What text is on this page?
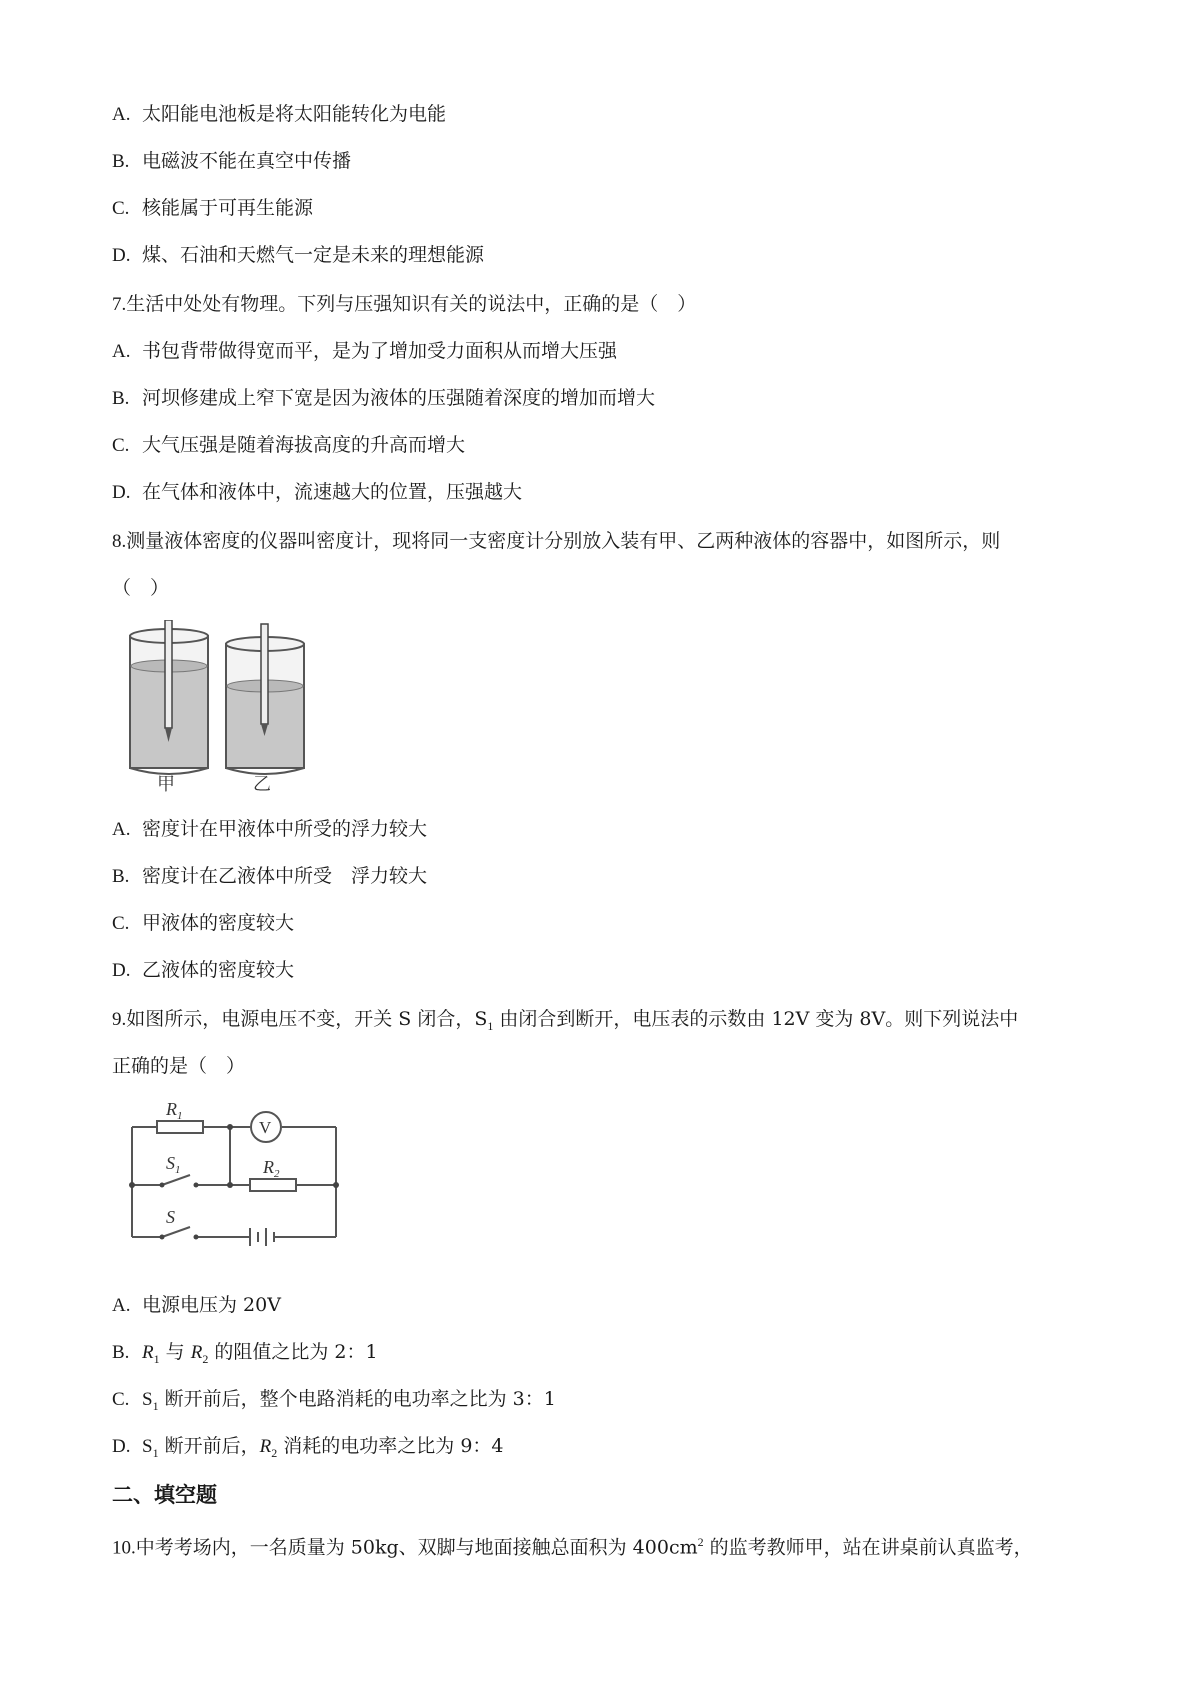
A. 太阳能电池板是将太阳能转化为电能
B. 电磁波不能在真空中传播
C. 核能属于可再生能源
D. 煤、石油和天燃气一定是未来的理想能源
7.生活中处处有物理。下列与压强知识有关的说法中，正确的是（　）
A. 书包背带做得宽而平，是为了增加受力面积从而增大压强
B. 河坝修建成上窄下宽是因为液体的压强随着深度的增加而增大
C. 大气压强是随着海拔高度的升高而增大
D. 在气体和液体中，流速越大的位置，压强越大
8.测量液体密度的仪器叫密度计，现将同一支密度计分别放入装有甲、乙两种液体的容器中，如图所示，则
（　）
甲	乙
A. 密度计在甲液体中所受的浮力较大
B. 密度计在乙液体中所受　浮力较大
C. 甲液体的密度较大
D. 乙液体的密度较大
9.如图所示，电源电压不变，开关 S 闭合，$S_1$ 由闭合到断开，电压表的示数由 12V 变为 8V。则下列说法中
正确的是（　）
V
$R_1$
$R_2$
$S_1$
S
A. 电源电压为 20V
B. $R_1$ 与 $R_2$ 的阻值之比为 2：1
C. $S_1$ 断开前后，整个电路消耗的电功率之比为 3：1
D. $S_1$ 断开前后，$R_2$ 消耗的电功率之比为 9：4
二、填空题
10.中考考场内，一名质量为 50kg、双脚与地面接触总面积为 $400cm^2$ 的监考教师甲，站在讲桌前认真监考，
